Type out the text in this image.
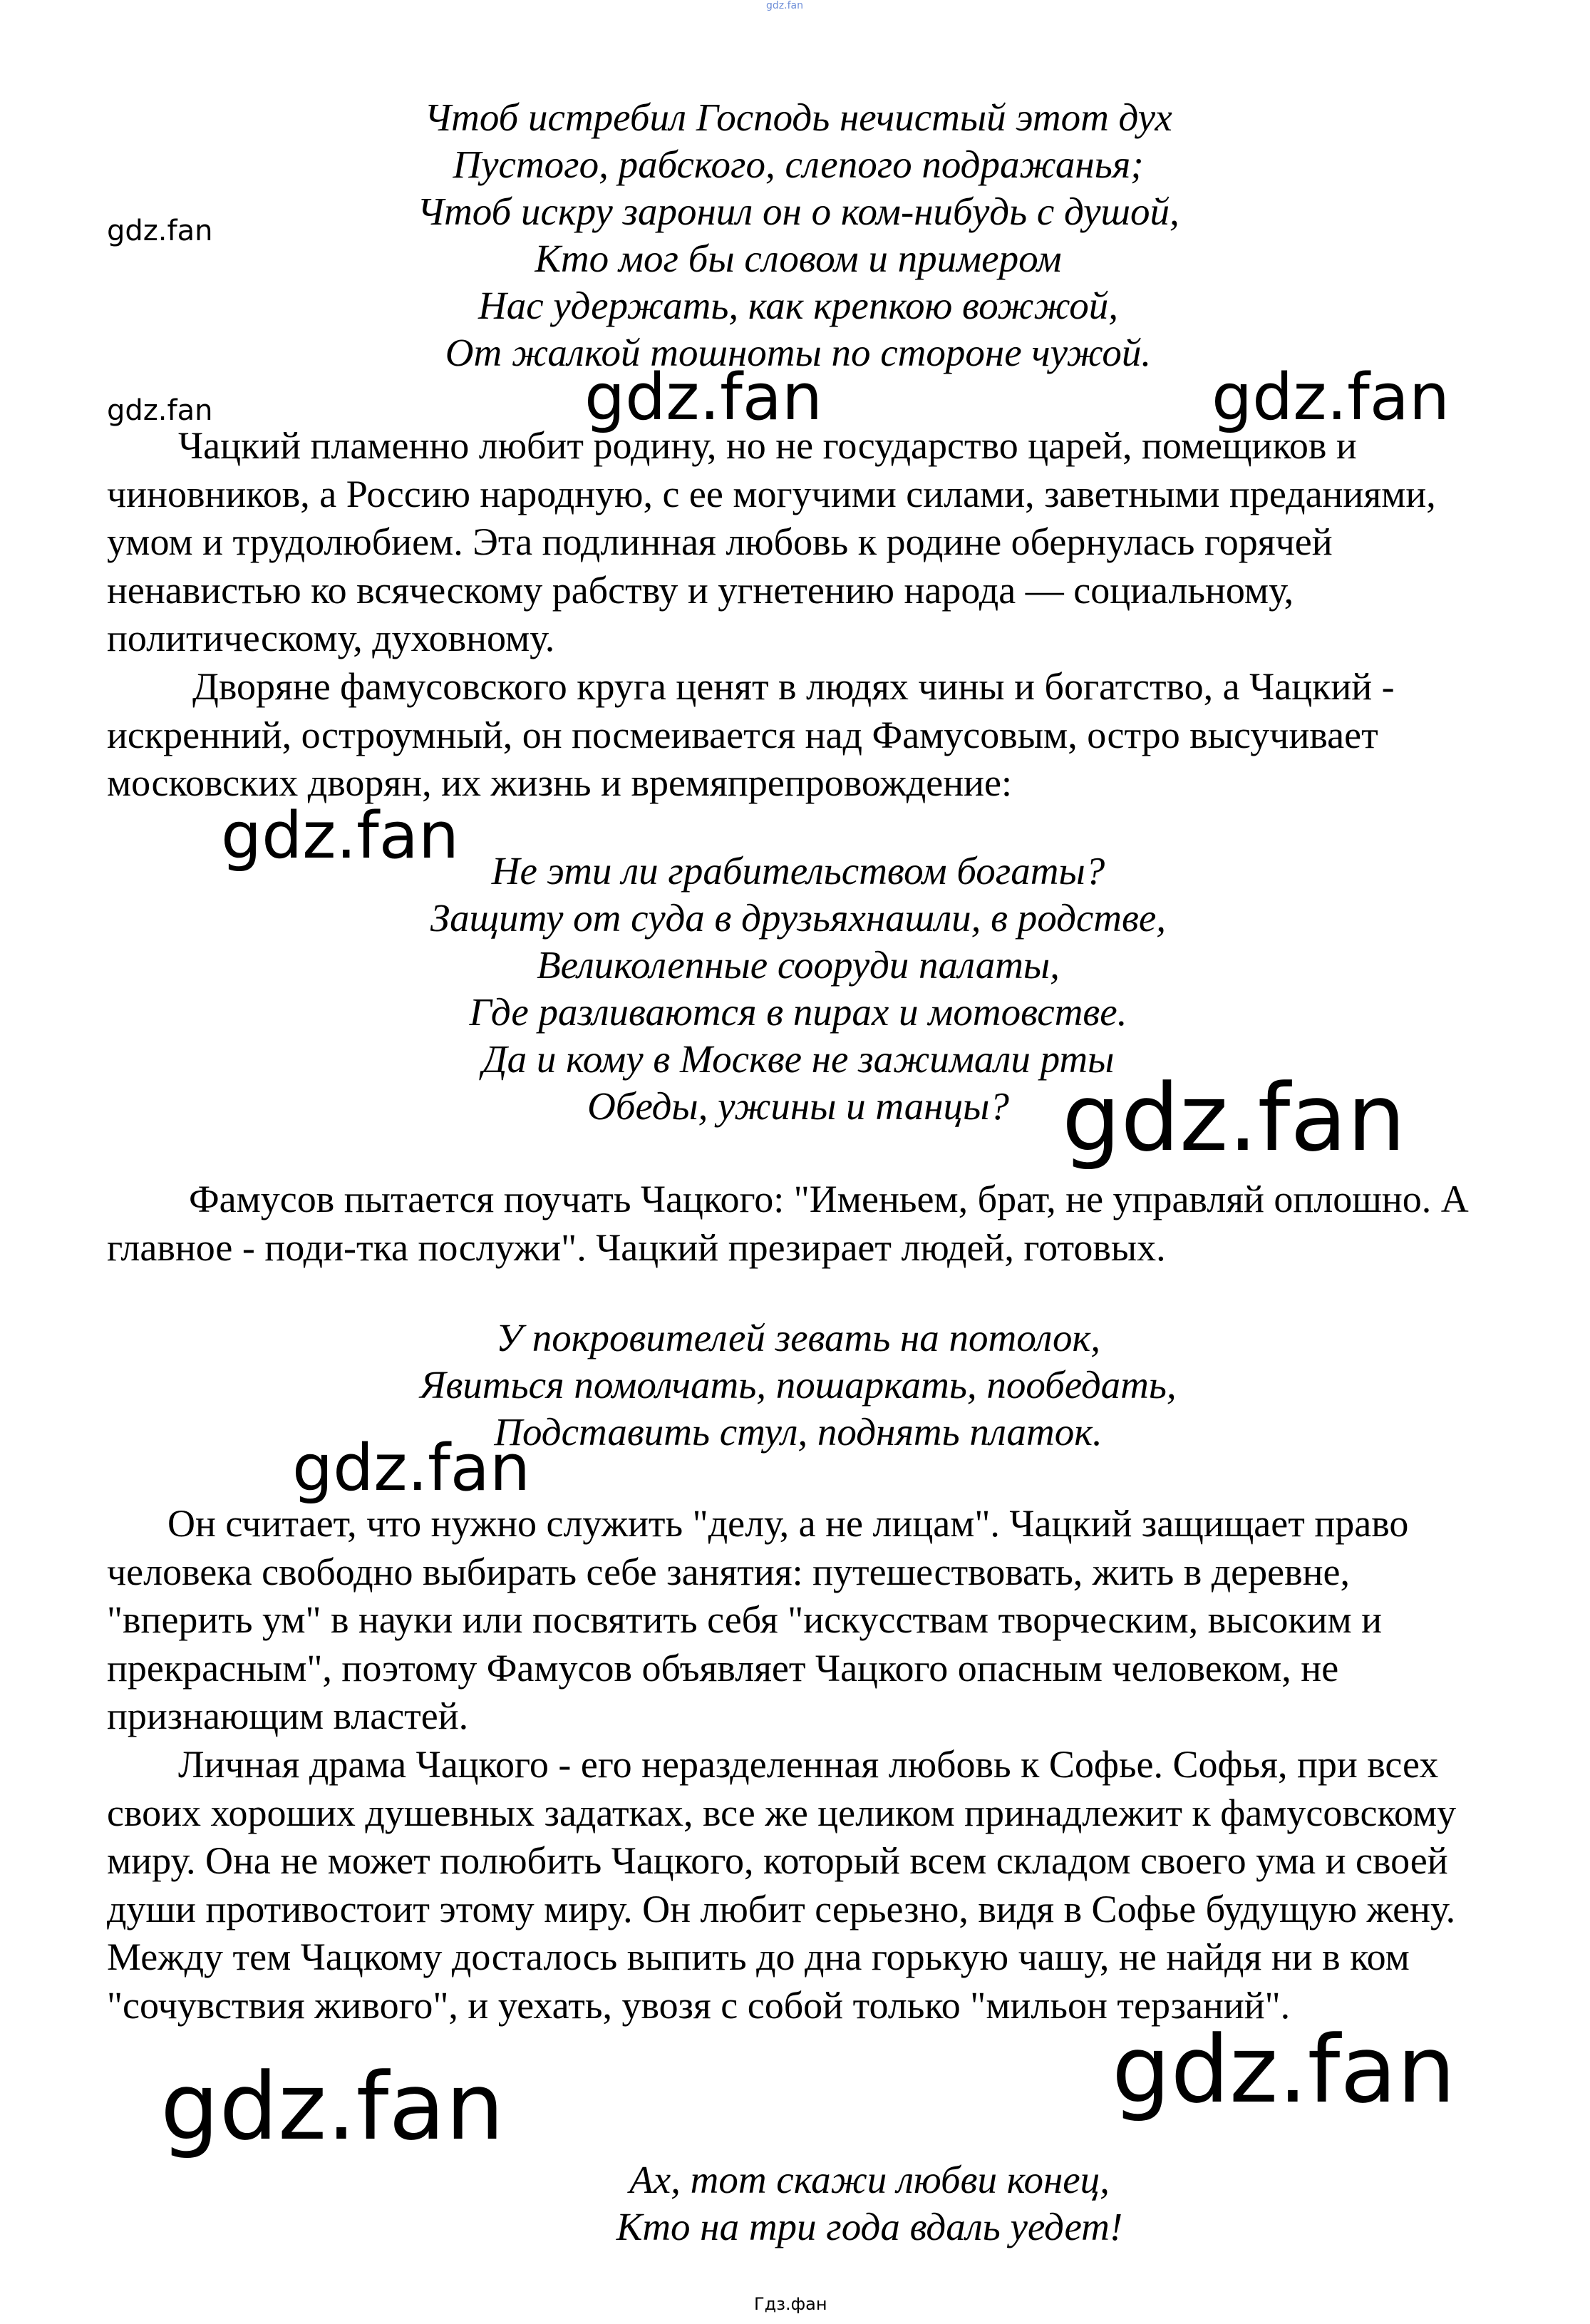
gdz.fan
Чтоб истребил Господь нечистый этот дух
Пустого, рабского, слепого подражанья;
Чтоб искру заронил он о ком-нибудь с душой,
Кто мог бы словом и примером
Нас удержать, как крепкою вожжой,
От жалкой тошноты по стороне чужой.

Чацкий пламенно любит родину, но не государство царей, помещиков и чиновников, а Россию народную, с ее могучими силами, заветными преданиями, умом и трудолюбием. Эта подлинная любовь к родине обернулась горячей ненавистью ко всяческому рабству и угнетению народа — социальному, политическому, духовному.

Дворяне фамусовского круга ценят в людях чины и богатство, а Чацкий - искренний, остроумный, он посмеивается над Фамусовым, остро высучивает московских дворян, их жизнь и времяпрепровождение:

Не эти ли грабительством богаты?
Защиту от суда в друзьяхнашли, в родстве,
Великолепные сооруди палаты,
Где разливаются в пирах и мотовстве.
Да и кому в Москве не зажимали рты
Обеды, ужины и танцы?

Фамусов пытается поучать Чацкого: "Именьем, брат, не управляй оплошно. А главное - поди-тка послужи". Чацкий презирает людей, готовых.

У покровителей зевать на потолок,
Явиться помолчать, пошаркать, пообедать,
Подставить стул, поднять платок.

Он считает, что нужно служить "делу, а не лицам". Чацкий защищает право человека свободно выбирать себе занятия: путешествовать, жить в деревне, "вперить ум" в науки или посвятить себя "искусствам творческим, высоким и прекрасным", поэтому Фамусов объявляет Чацкого опасным человеком, не признающим властей.

Личная драма Чацкого - его неразделенная любовь к Софье. Софья, при всех своих хороших душевных задатках, все же целиком принадлежит к фамусовскому миру. Она не может полюбить Чацкого, который всем складом своего ума и своей души противостоит этому миру. Он любит серьезно, видя в Софье будущую жену. Между тем Чацкому досталось выпить до дна горькую чашу, не найдя ни в ком "сочувствия живого", и уехать, увозя с собой только "мильон терзаний".

Ах, тот скажи любви конец,
Кто на три года вдаль уедет!
gdz.fan
gdz.fan	gdz.fan	gdz.fan
gdz.fan
gdz.fan
gdz.fan
gdz.fan
gdz.fan
Гдз.фан
